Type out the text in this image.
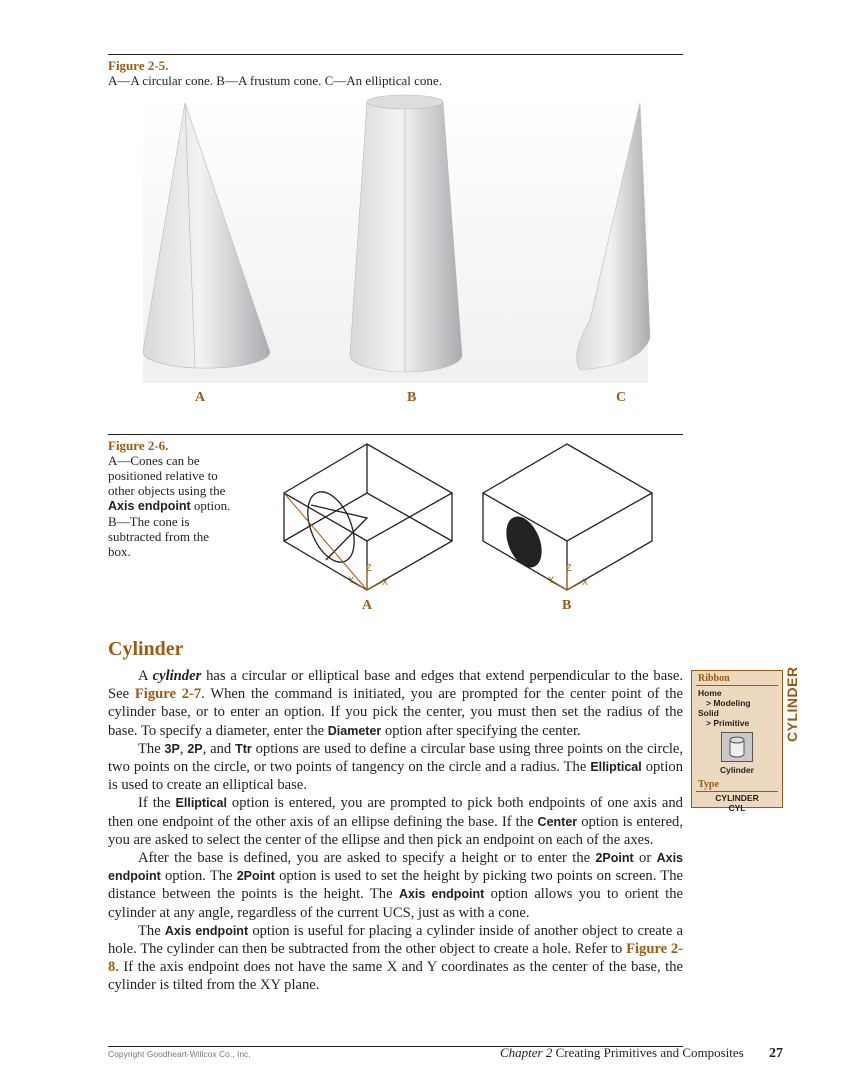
Figure 2-5.
A—A circular cone. B—A frustum cone. C—An elliptical cone.
Z
Y	X
Z
Y	X
A	B	C
Figure 2-6.
A—Cones can be positioned relative to other objects using the Axis endpoint option. B—The cone is subtracted from the box.
A	B
Cylinder

A cylinder has a circular or elliptical base and edges that extend perpendicular to the base. See Figure 2-7. When the command is initiated, you are prompted for the center point of the cylinder base, or to enter an option. If you pick the center, you must then set the radius of the base. To specify a diameter, enter the Diameter option after specifying the center.

The 3P, 2P, and Ttr options are used to define a circular base using three points on the circle, two points on the circle, or two points of tangency on the circle and a radius. The Elliptical option is used to create an elliptical base.

If the Elliptical option is entered, you are prompted to pick both endpoints of one axis and then one endpoint of the other axis of an ellipse defining the base. If the Center option is entered, you are asked to select the center of the ellipse and then pick an endpoint on each of the axes.

After the base is defined, you are asked to specify a height or to enter the 2Point or Axis endpoint option. The 2Point option is used to set the height by picking two points on screen. The distance between the points is the height. The Axis endpoint option allows you to orient the cylinder at any angle, regardless of the current UCS, just as with a cone.

The Axis endpoint option is useful for placing a cylinder inside of another object to create a hole. The cylinder can then be subtracted from the other object to create a hole. Refer to Figure 2-8. If the axis endpoint does not have the same X and Y coordinates as the center of the base, the cylinder is tilted from the XY plane.

Ribbon
Home
> Modeling
Solid
> Primitive
Cylinder
Type
CYLINDER
CYL
CYLINDER
Copyright Goodheart-Willcox Co., Inc.	Chapter 2 Creating Primitives and Composites 27
